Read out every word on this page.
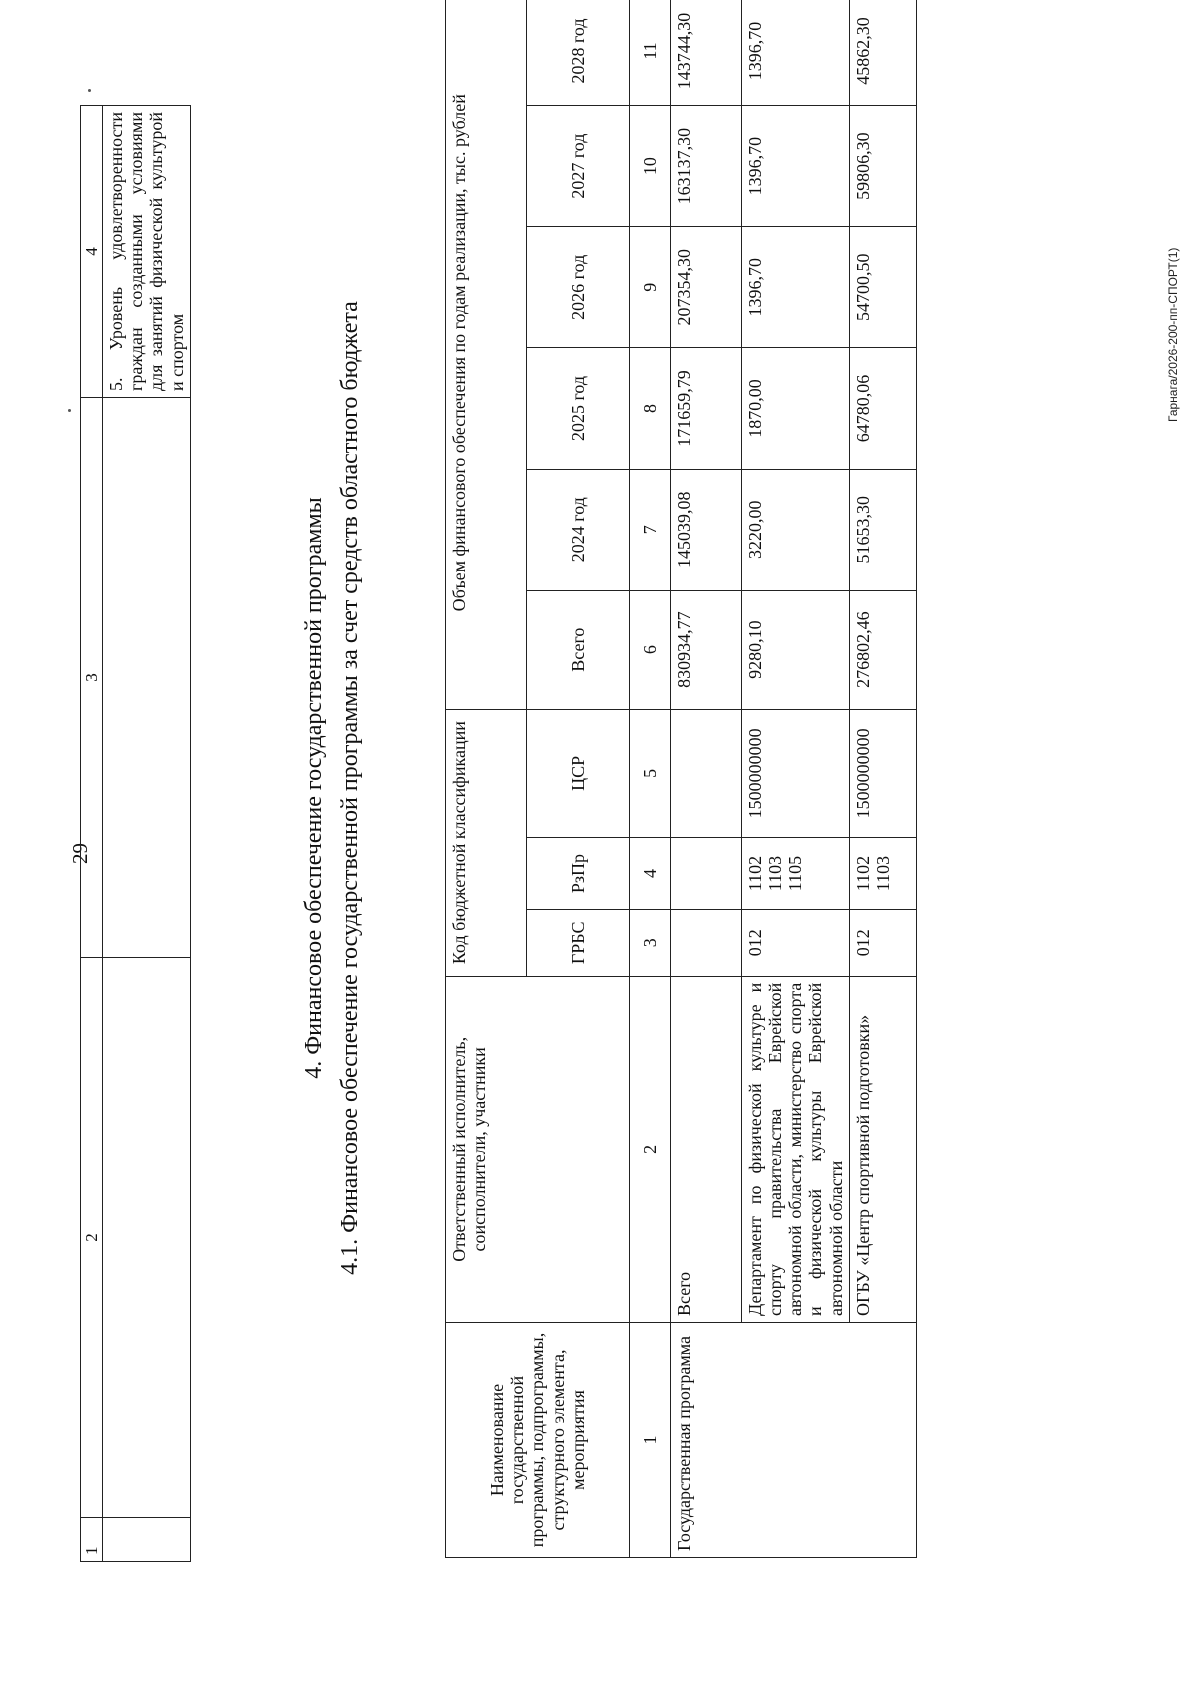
29
1	2	3	4
			5. Уровень удовлетворенности граждан созданными условиями для занятий физической культурой и спортом
4. Финансовое обеспечение государственной программы 4.1. Финансовое обеспечение государственной программы за счет средств областного бюджета
Наименование государственной программы, подпрограммы, структурного элемента, мероприятия	Ответственный исполнитель, соисполнители, участники	Код бюджетной классификации			Объем финансового обеспечения по годам реализации, тыс. рублей					
		ГРБС	РзПр	ЦСР	Всего	2024 год	2025 год	2026 год	2027 год	2028 год
1	2	3	4	5	6	7	8	9	10	11
Государственная программа	Всего				830934,77	145039,08	171659,79	207354,30	163137,30	143744,30
	Департамент по физической культуре и спорту правительства Еврейской автономной области, министерство спорта и физической культуры Еврейской автономной области	012	1102 1103 1105	1500000000	9280,10	3220,00	1870,00	1396,70	1396,70	1396,70
	ОГБУ «Центр спортивной подготовки»	012	1102 1103	1500000000	276802,46	51653,30	64780,06	54700,50	59806,30	45862,30
Гарнага/2026-200-пп-СПОРТ(1)
